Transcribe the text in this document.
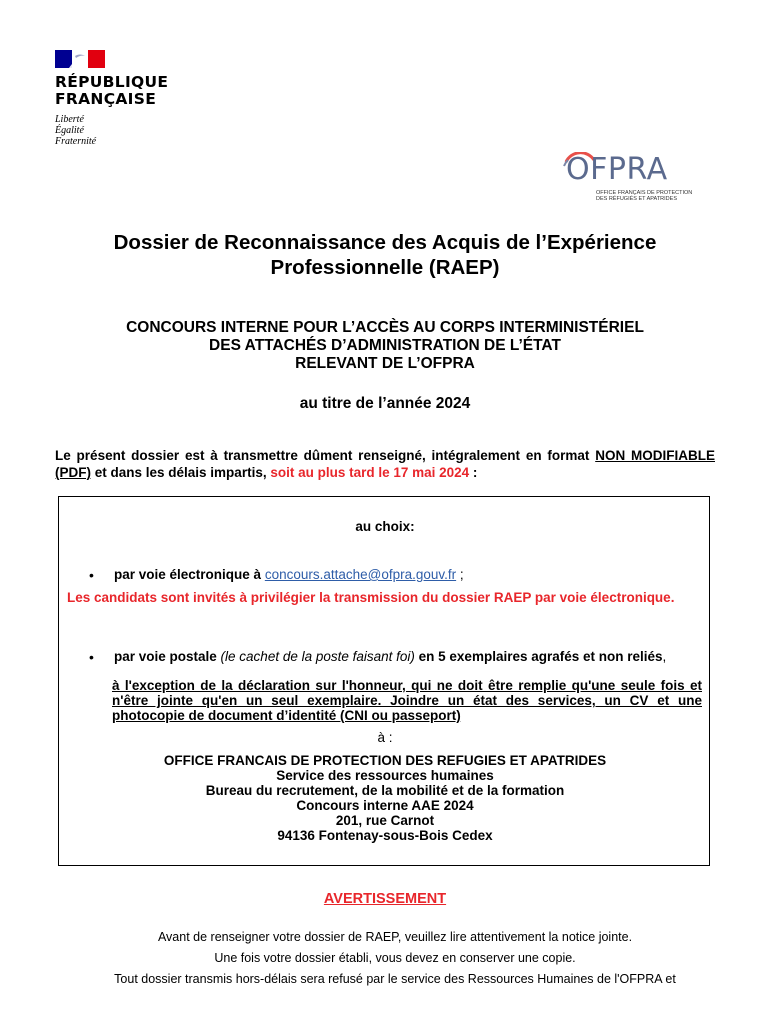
RÉPUBLIQUE
FRANÇAISE
Liberté
Égalité
Fraternité
OFPRA
OFFICE FRANÇAIS DE PROTECTION
DES RÉFUGIÉS ET APATRIDES
Dossier de Reconnaissance des Acquis de l’Expérience
Professionnelle (RAEP)
CONCOURS INTERNE POUR L’ACCÈS AU CORPS INTERMINISTÉRIEL
DES ATTACHÉS D’ADMINISTRATION DE L’ÉTAT
RELEVANT DE L’OFPRA
au titre de l’année 2024
Le présent dossier est à transmettre dûment renseigné, intégralement en format NON MODIFIABLE (PDF) et dans les délais impartis, soit au plus tard le 17 mai 2024 :
au choix:
• par voie électronique à concours.attache@ofpra.gouv.fr ;
Les candidats sont invités à privilégier la transmission du dossier RAEP par voie électronique.
• par voie postale (le cachet de la poste faisant foi) en 5 exemplaires agrafés et non reliés,
à l'exception de la déclaration sur l'honneur, qui ne doit être remplie qu'une seule fois et n'être jointe qu'en un seul exemplaire. Joindre un état des services, un CV et une photocopie de document d’identité (CNI ou passeport)
à :
OFFICE FRANCAIS DE PROTECTION DES REFUGIES ET APATRIDES
Service des ressources humaines
Bureau du recrutement, de la mobilité et de la formation
Concours interne AAE 2024
201, rue Carnot
94136 Fontenay-sous-Bois Cedex
AVERTISSEMENT
Avant de renseigner votre dossier de RAEP, veuillez lire attentivement la notice jointe.
Une fois votre dossier établi, vous devez en conserver une copie.
Tout dossier transmis hors-délais sera refusé par le service des Ressources Humaines de l'OFPRA et
